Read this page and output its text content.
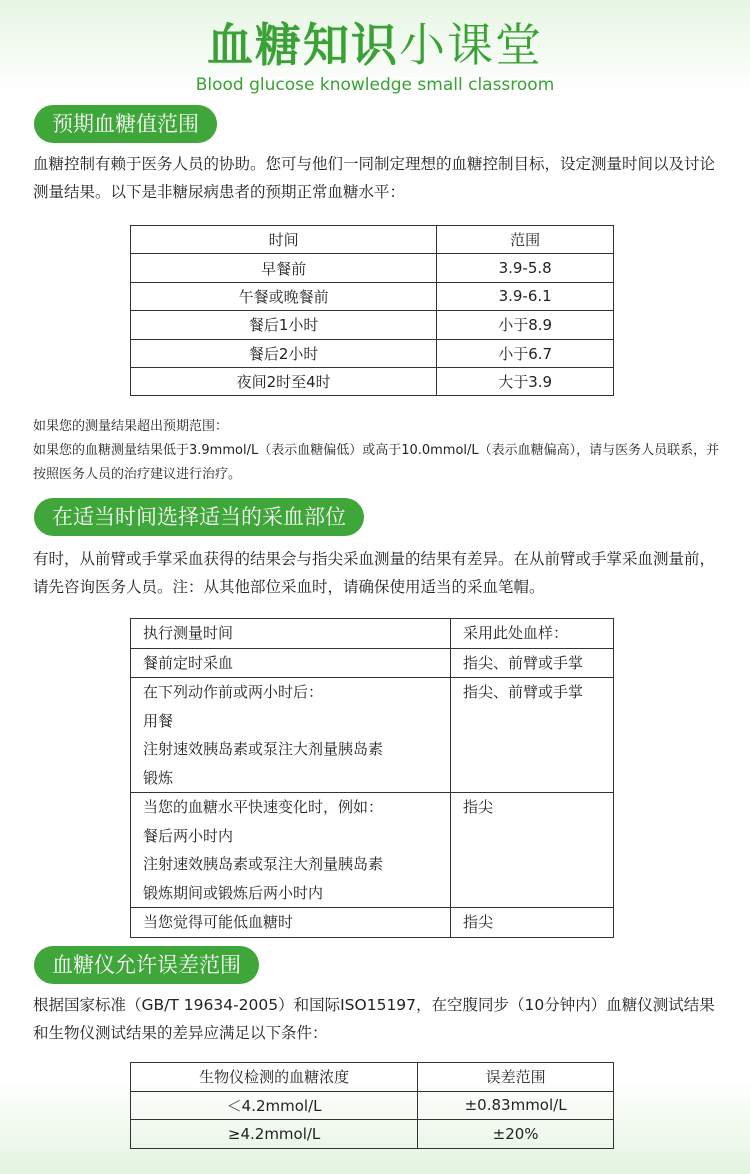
血糖知识小课堂
Blood glucose knowledge small classroom
预期血糖值范围
血糖控制有赖于医务人员的协助。您可与他们一同制定理想的血糖控制目标，设定测量时间以及讨论测量结果。以下是非糖尿病患者的预期正常血糖水平：
时间	范围
早餐前	3.9-5.8
午餐或晚餐前	3.9-6.1
餐后1小时	小于8.9
餐后2小时	小于6.7
夜间2时至4时	大于3.9
如果您的测量结果超出预期范围：
如果您的血糖测量结果低于3.9mmol/L（表示血糖偏低）或高于10.0mmol/L（表示血糖偏高），请与医务人员联系，并按照医务人员的治疗建议进行治疗。
在适当时间选择适当的采血部位
有时，从前臂或手掌采血获得的结果会与指尖采血测量的结果有差异。在从前臂或手掌采血测量前，请先咨询医务人员。注：从其他部位采血时，请确保使用适当的采血笔帽。
执行测量时间	采用此处血样：

餐前定时采血	指尖、前臂或手掌

在下列动作前或两小时后：
用餐
注射速效胰岛素或泵注大剂量胰岛素
锻炼	指尖、前臂或手掌

当您的血糖水平快速变化时，例如：
餐后两小时内
注射速效胰岛素或泵注大剂量胰岛素
锻炼期间或锻炼后两小时内	指尖

当您觉得可能低血糖时	指尖
血糖仪允许误差范围
根据国家标准（GB/T 19634-2005）和国际ISO15197，在空腹同步（10分钟内）血糖仪测试结果和生物仪测试结果的差异应满足以下条件：
生物仪检测的血糖浓度	误差范围
＜4.2mmol/L	±0.83mmol/L
≥4.2mmol/L	±20%
